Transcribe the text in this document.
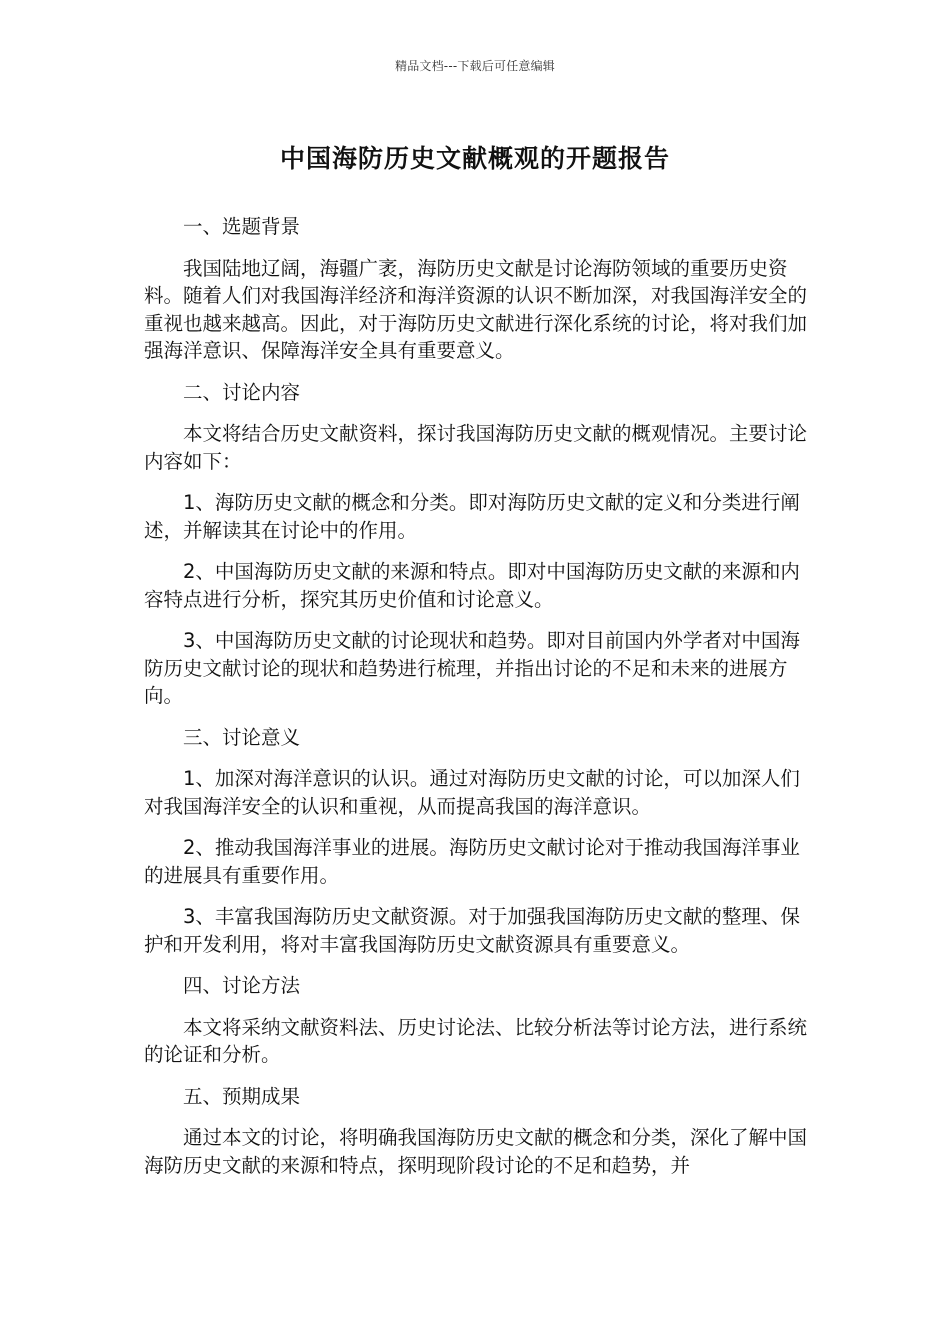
精品文档---下载后可任意编辑
中国海防历史文献概观的开题报告

一、选题背景

我国陆地辽阔，海疆广袤，海防历史文献是讨论海防领域的重要历史资料。随着人们对我国海洋经济和海洋资源的认识不断加深，对我国海洋安全的重视也越来越高。因此，对于海防历史文献进行深化系统的讨论，将对我们加强海洋意识、保障海洋安全具有重要意义。

二、讨论内容

本文将结合历史文献资料，探讨我国海防历史文献的概观情况。主要讨论内容如下：

1、海防历史文献的概念和分类。即对海防历史文献的定义和分类进行阐述，并解读其在讨论中的作用。

2、中国海防历史文献的来源和特点。即对中国海防历史文献的来源和内容特点进行分析，探究其历史价值和讨论意义。

3、中国海防历史文献的讨论现状和趋势。即对目前国内外学者对中国海防历史文献讨论的现状和趋势进行梳理，并指出讨论的不足和未来的进展方向。

三、讨论意义

1、加深对海洋意识的认识。通过对海防历史文献的讨论，可以加深人们对我国海洋安全的认识和重视，从而提高我国的海洋意识。

2、推动我国海洋事业的进展。海防历史文献讨论对于推动我国海洋事业的进展具有重要作用。

3、丰富我国海防历史文献资源。对于加强我国海防历史文献的整理、保护和开发利用，将对丰富我国海防历史文献资源具有重要意义。

四、讨论方法

本文将采纳文献资料法、历史讨论法、比较分析法等讨论方法，进行系统的论证和分析。

五、预期成果

通过本文的讨论，将明确我国海防历史文献的概念和分类，深化了解中国海防历史文献的来源和特点，探明现阶段讨论的不足和趋势，并
